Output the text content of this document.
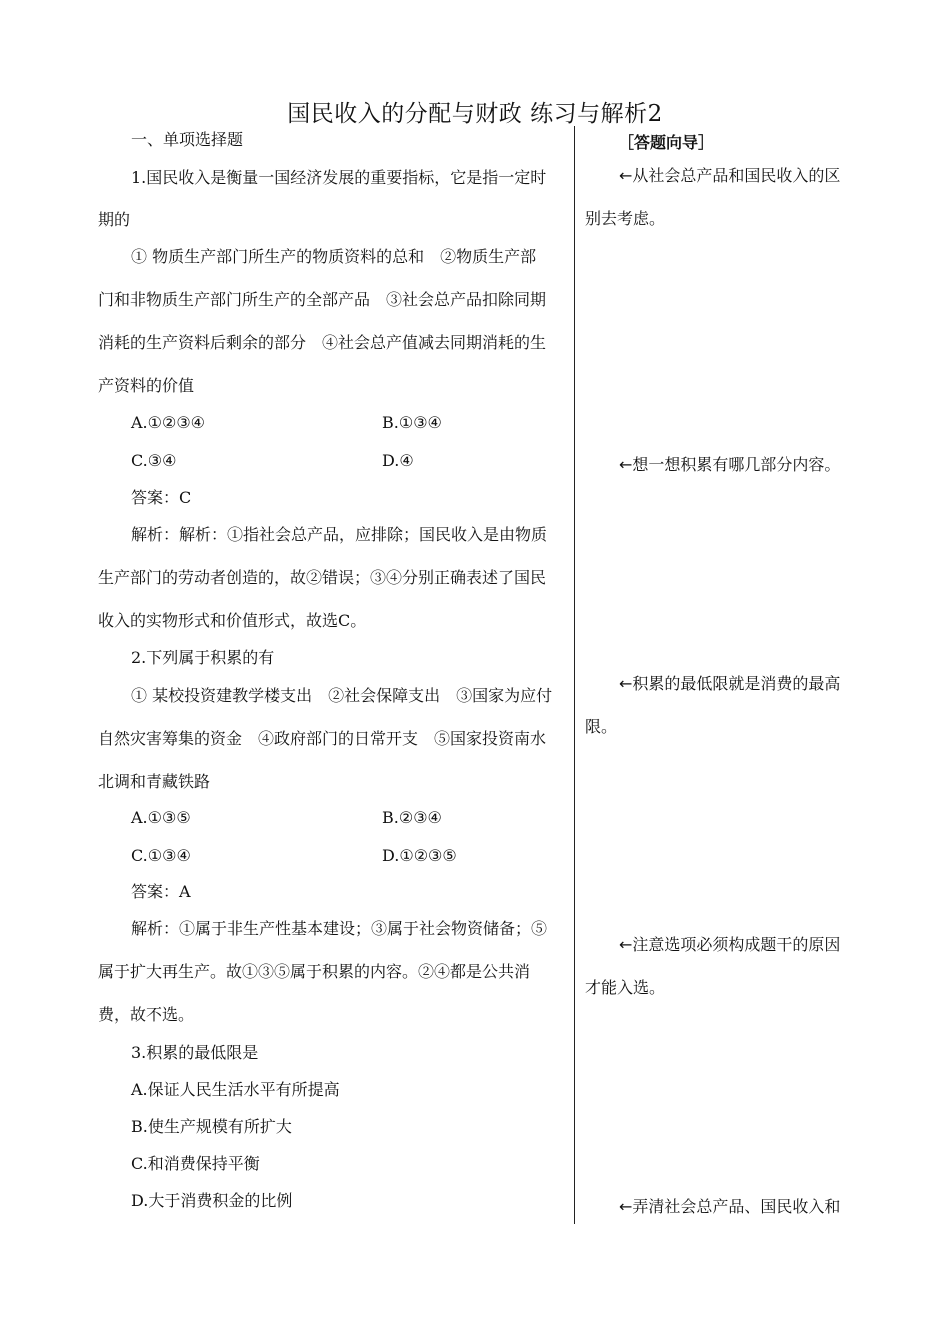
国民收入的分配与财政 练习与解析2
［答题向导］
一、单项选择题
1.国民收入是衡量一国经济发展的重要指标，它是指一定时
期的
① 物质生产部门所生产的物质资料的总和　②物质生产部
门和非物质生产部门所生产的全部产品　③社会总产品扣除同期
消耗的生产资料后剩余的部分　④社会总产值减去同期消耗的生
产资料的价值
A.①②③④	B.①③④
C.③④	D.④
答案：C
解析：解析：①指社会总产品，应排除；国民收入是由物质
生产部门的劳动者创造的，故②错误；③④分别正确表述了国民
收入的实物形式和价值形式，故选C。
2.下列属于积累的有
① 某校投资建教学楼支出　②社会保障支出　③国家为应付
自然灾害筹集的资金　④政府部门的日常开支　⑤国家投资南水
北调和青藏铁路
A.①③⑤	B.②③④
C.①③④	D.①②③⑤
答案：A
解析：①属于非生产性基本建设；③属于社会物资储备；⑤
属于扩大再生产。故①③⑤属于积累的内容。②④都是公共消
费，故不选。
3.积累的最低限是
A.保证人民生活水平有所提高
B.使生产规模有所扩大
C.和消费保持平衡
D.大于消费积金的比例
←从社会总产品和国民收入的区
别去考虑。
←想一想积累有哪几部分内容。
←积累的最低限就是消费的最高
限。
←注意选项必须构成题干的原因
才能入选。
←弄清社会总产品、国民收入和
